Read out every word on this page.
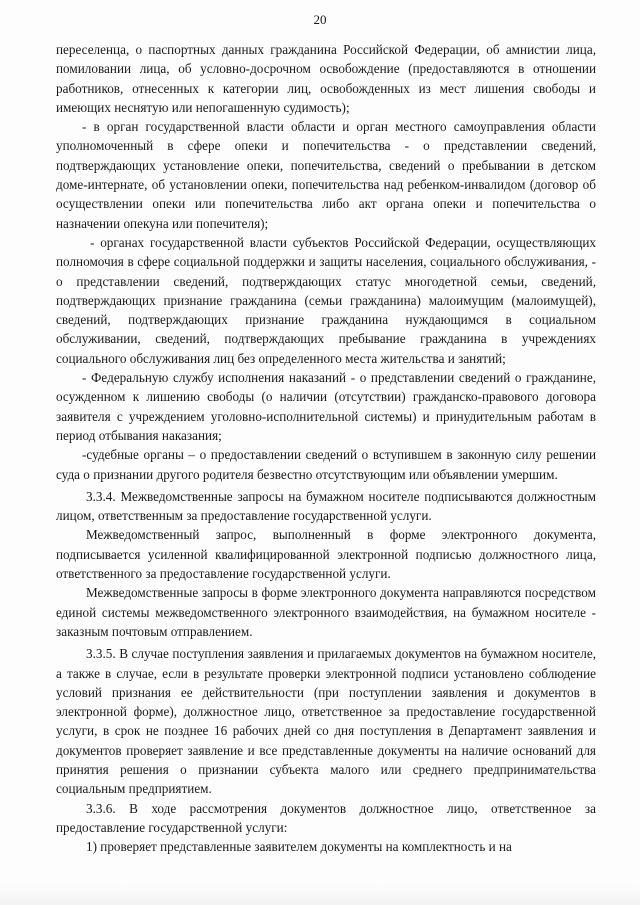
20

переселенца, о паспортных данных гражданина Российской Федерации, об амнистии лица, помиловании лица, об условно-досрочном освобождение (предоставляются в отношении работников, отнесенных к категории лиц, освобожденных из мест лишения свободы и имеющих неснятую или непогашенную судимость);

- в орган государственной власти области и орган местного самоуправления области уполномоченный в сфере опеки и попечительства - о представлении сведений, подтверждающих установление опеки, попечительства, сведений о пребывании в детском доме-интернате, об установлении опеки, попечительства над ребенком-инвалидом (договор об осуществлении опеки или попечительства либо акт органа опеки и попечительства о назначении опекуна или попечителя);

- органах государственной власти субъектов Российской Федерации, осуществляющих полномочия в сфере социальной поддержки и защиты населения, социального обслуживания, - о представлении сведений, подтверждающих статус многодетной семьи, сведений, подтверждающих признание гражданина (семьи гражданина) малоимущим (малоимущей), сведений, подтверждающих признание гражданина нуждающимся в социальном обслуживании, сведений, подтверждающих пребывание гражданина в учреждениях социального обслуживания лиц без определенного места жительства и занятий;

- Федеральную службу исполнения наказаний - о представлении сведений о гражданине, осужденном к лишению свободы (о наличии (отсутствии) гражданско-правового договора заявителя с учреждением уголовно-исполнительной системы) и принудительным работам в период отбывания наказания;

-судебные органы – о предоставлении сведений о вступившем в законную силу решении суда о признании другого родителя безвестно отсутствующим или объявлении умершим.

3.3.4. Межведомственные запросы на бумажном носителе подписываются должностным лицом, ответственным за предоставление государственной услуги.

Межведомственный запрос, выполненный в форме электронного документа, подписывается усиленной квалифицированной электронной подписью должностного лица, ответственного за предоставление государственной услуги.

Межведомственные запросы в форме электронного документа направляются посредством единой системы межведомственного электронного взаимодействия, на бумажном носителе - заказным почтовым отправлением.

3.3.5. В случае поступления заявления и прилагаемых документов на бумажном носителе, а также в случае, если в результате проверки электронной подписи установлено соблюдение условий признания ее действительности (при поступлении заявления и документов в электронной форме), должностное лицо, ответственное за предоставление государственной услуги, в срок не позднее 16 рабочих дней со дня поступления в Департамент заявления и документов проверяет заявление и все представленные документы на наличие оснований для принятия решения о признании субъекта малого или среднего предпринимательства социальным предприятием.

3.3.6. В ходе рассмотрения документов должностное лицо, ответственное за предоставление государственной услуги:

1) проверяет представленные заявителем документы на комплектность и на
